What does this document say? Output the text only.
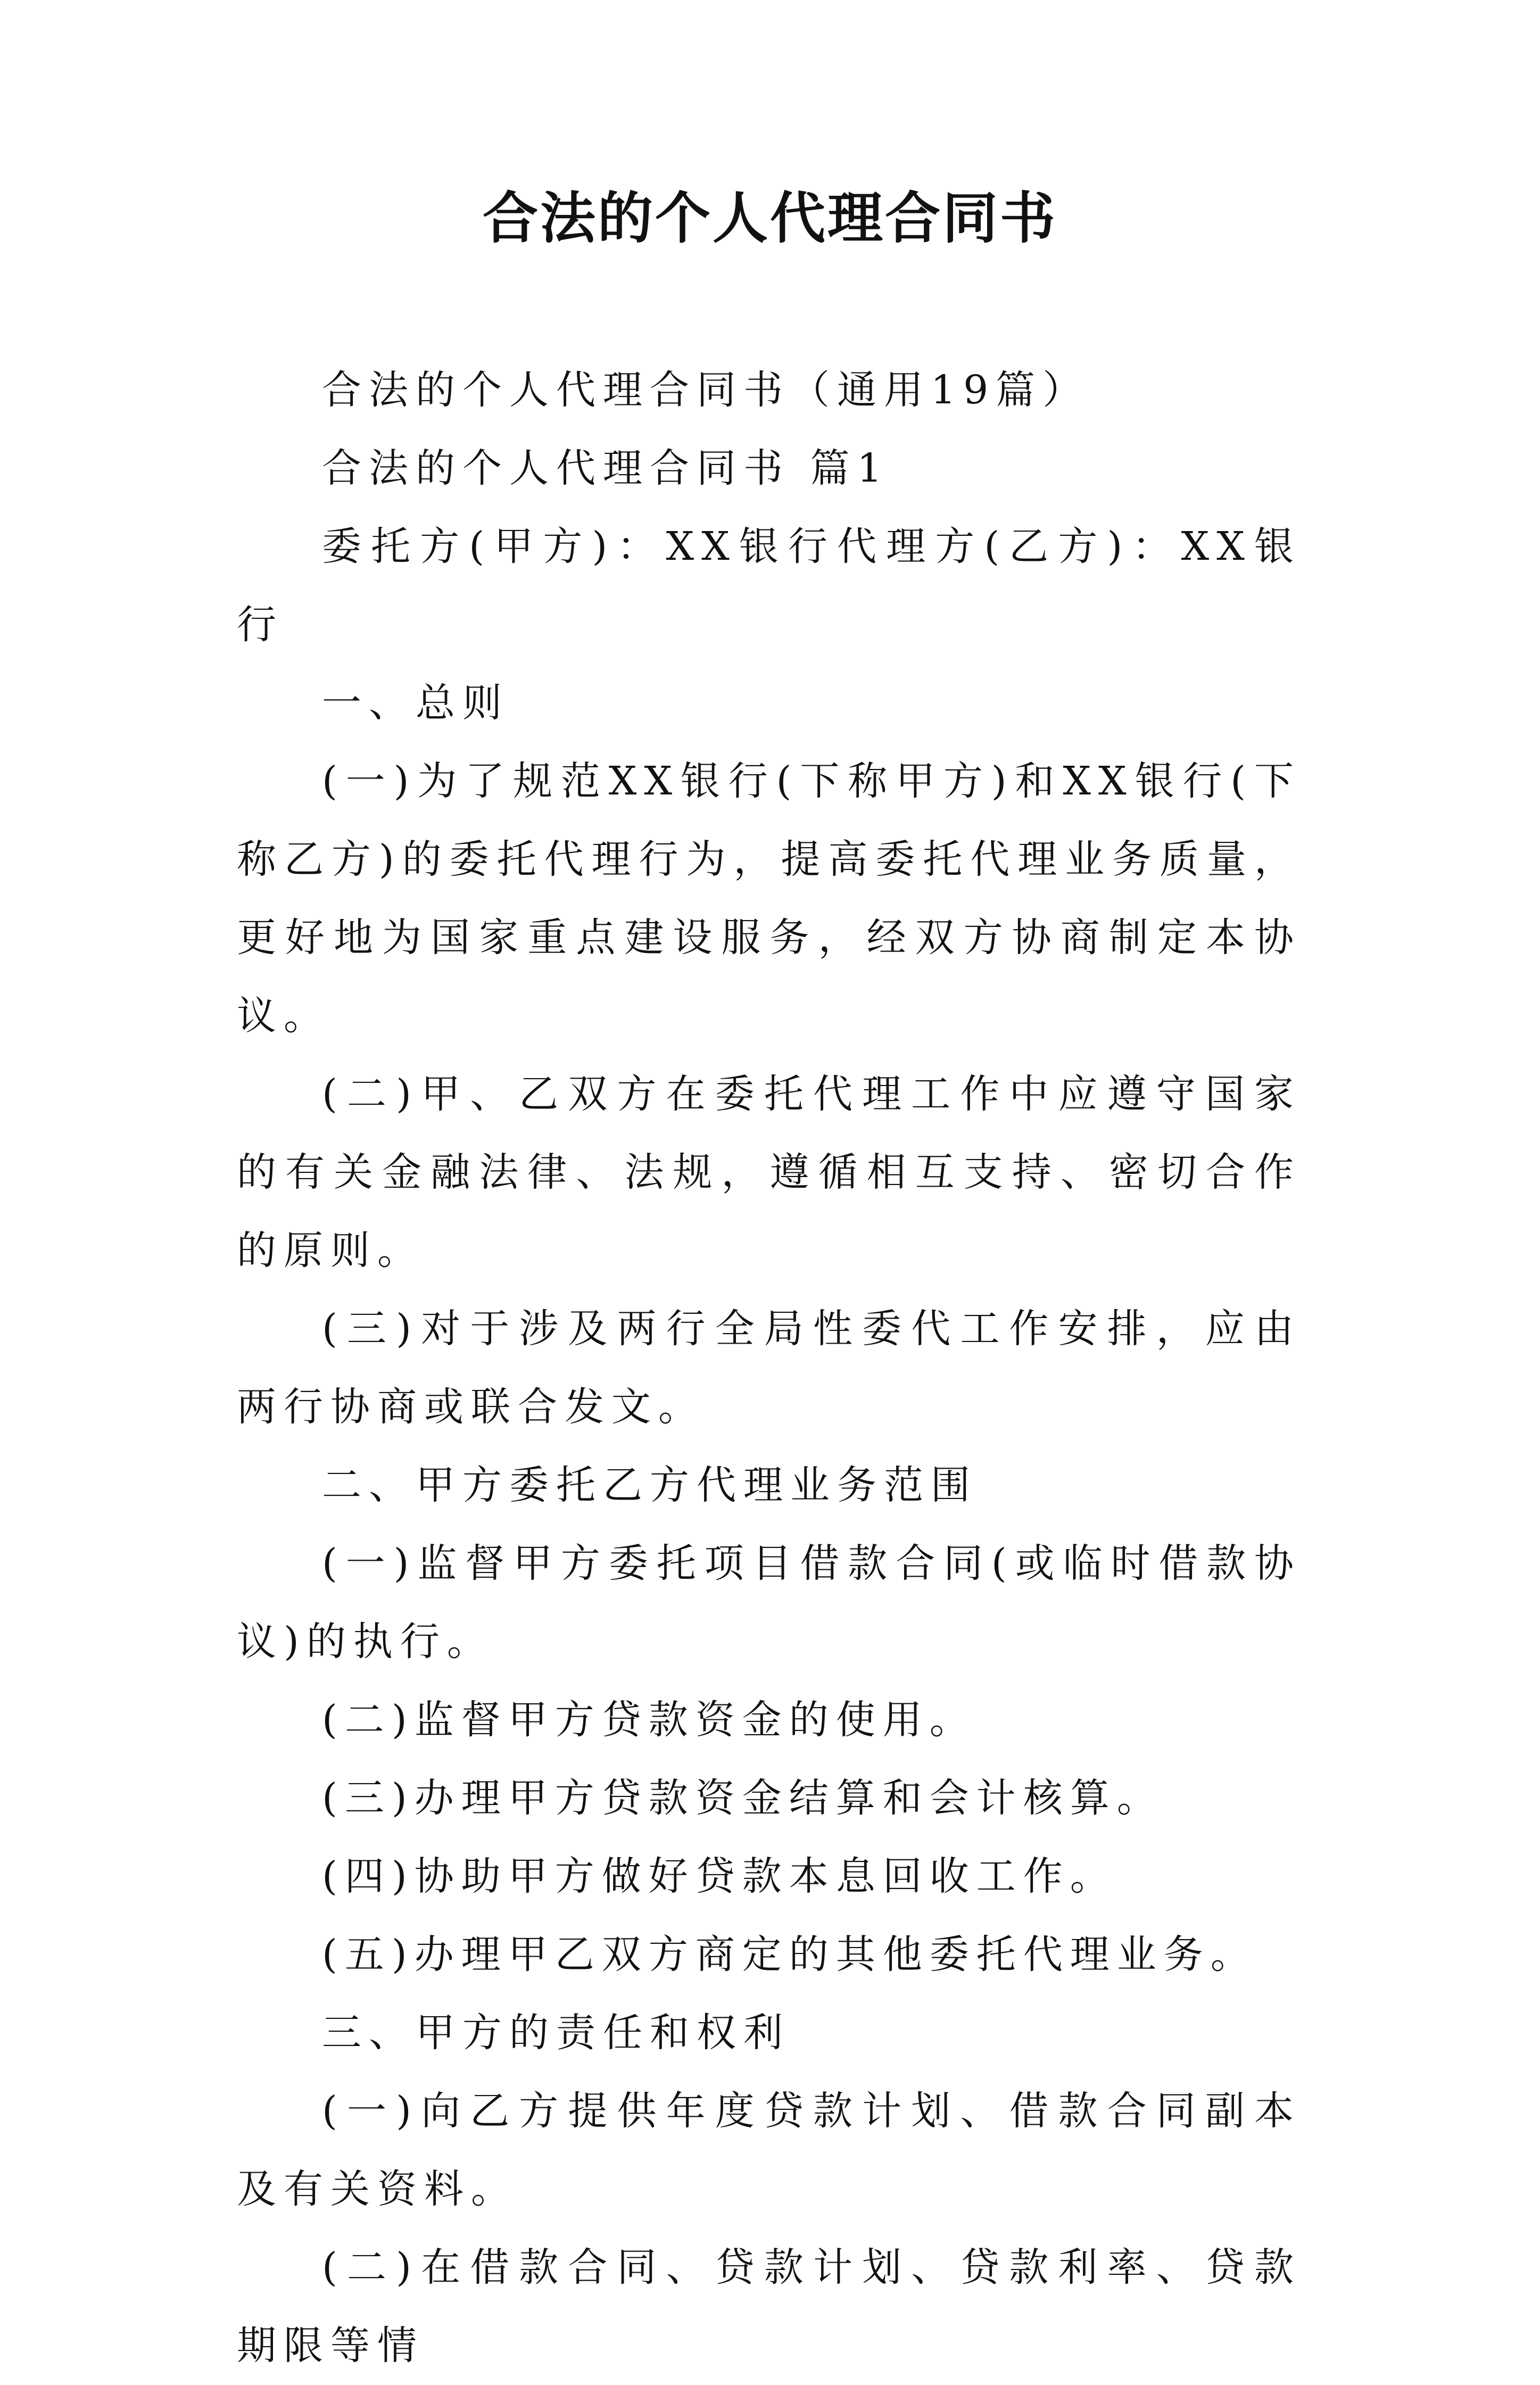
合法的个人代理合同书

合法的个人代理合同书（通用19篇）

合法的个人代理合同书 篇1

委托方(甲方)：XX银行代理方(乙方)：XX银行

一、总则

(一)为了规范XX银行(下称甲方)和XX银行(下称乙方)的委托代理行为，提高委托代理业务质量，更好地为国家重点建设服务，经双方协商制定本协议。

(二)甲、乙双方在委托代理工作中应遵守国家的有关金融法律、法规，遵循相互支持、密切合作的原则。

(三)对于涉及两行全局性委代工作安排，应由两行协商或联合发文。

二、甲方委托乙方代理业务范围

(一)监督甲方委托项目借款合同(或临时借款协议)的执行。

(二)监督甲方贷款资金的使用。

(三)办理甲方贷款资金结算和会计核算。

(四)协助甲方做好贷款本息回收工作。

(五)办理甲乙双方商定的其他委托代理业务。

三、甲方的责任和权利

(一)向乙方提供年度贷款计划、借款合同副本及有关资料。

(二)在借款合同、贷款计划、贷款利率、贷款期限等情
